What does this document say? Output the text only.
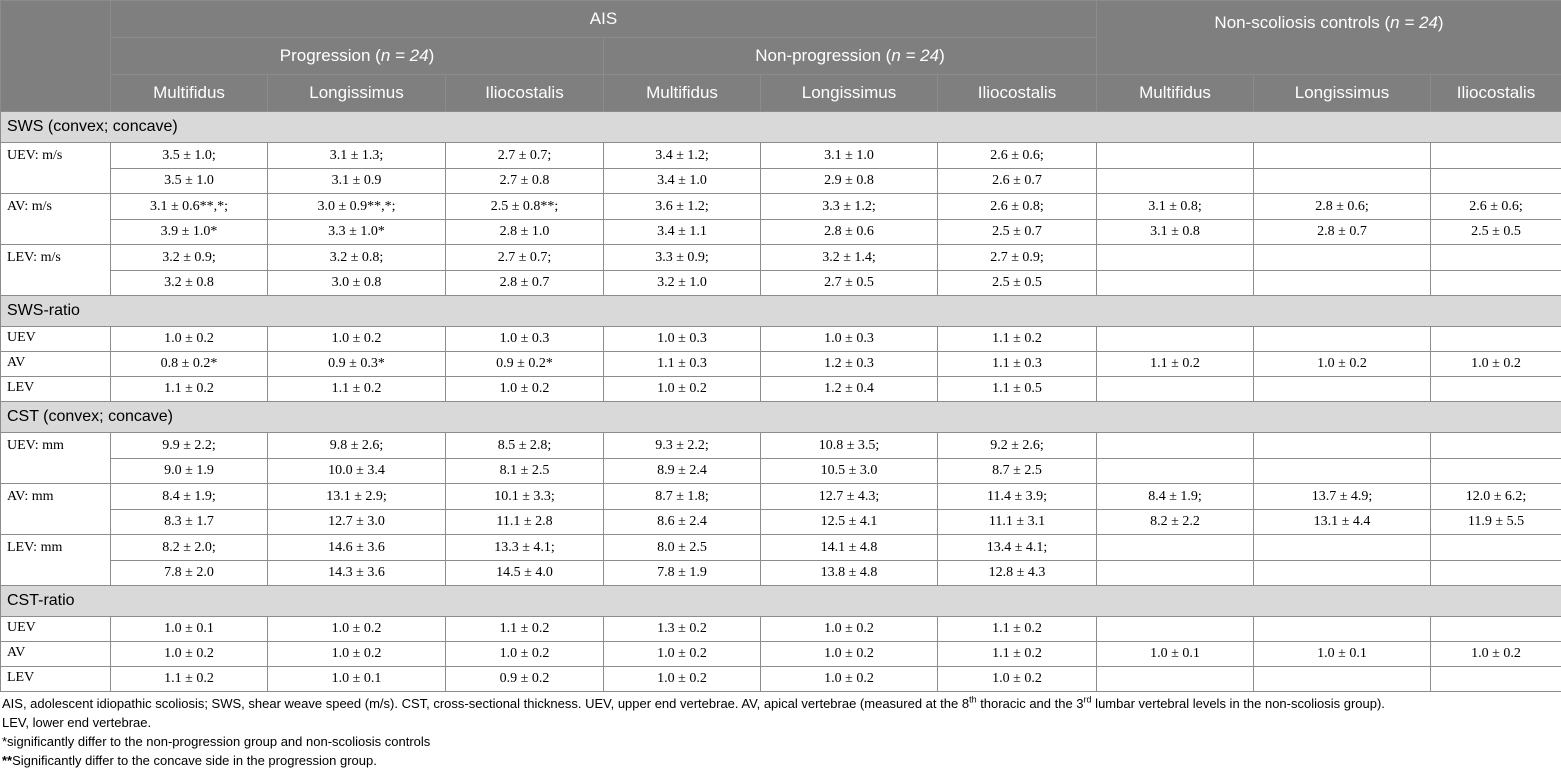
	AIS						Non-scoliosis controls (n = 24)		
	Progression (n = 24)			Non-progression (n = 24)					
	Multifidus	Longissimus	Iliocostalis	Multifidus	Longissimus	Iliocostalis	Multifidus	Longissimus	Iliocostalis
SWS (convex; concave)									
UEV: m/s	3.5 ± 1.0;	3.1 ± 1.3;	2.7 ± 0.7;	3.4 ± 1.2;	3.1 ± 1.0	2.6 ± 0.6;			
	3.5 ± 1.0	3.1 ± 0.9	2.7 ± 0.8	3.4 ± 1.0	2.9 ± 0.8	2.6 ± 0.7			
AV: m/s	3.1 ± 0.6**,*;	3.0 ± 0.9**,*;	2.5 ± 0.8**;	3.6 ± 1.2;	3.3 ± 1.2;	2.6 ± 0.8;	3.1 ± 0.8;	2.8 ± 0.6;	2.6 ± 0.6;
	3.9 ± 1.0*	3.3 ± 1.0*	2.8 ± 1.0	3.4 ± 1.1	2.8 ± 0.6	2.5 ± 0.7	3.1 ± 0.8	2.8 ± 0.7	2.5 ± 0.5
LEV: m/s	3.2 ± 0.9;	3.2 ± 0.8;	2.7 ± 0.7;	3.3 ± 0.9;	3.2 ± 1.4;	2.7 ± 0.9;			
	3.2 ± 0.8	3.0 ± 0.8	2.8 ± 0.7	3.2 ± 1.0	2.7 ± 0.5	2.5 ± 0.5			
SWS-ratio									
UEV	1.0 ± 0.2	1.0 ± 0.2	1.0 ± 0.3	1.0 ± 0.3	1.0 ± 0.3	1.1 ± 0.2			
AV	0.8 ± 0.2*	0.9 ± 0.3*	0.9 ± 0.2*	1.1 ± 0.3	1.2 ± 0.3	1.1 ± 0.3	1.1 ± 0.2	1.0 ± 0.2	1.0 ± 0.2
LEV	1.1 ± 0.2	1.1 ± 0.2	1.0 ± 0.2	1.0 ± 0.2	1.2 ± 0.4	1.1 ± 0.5			
CST (convex; concave)									
UEV: mm	9.9 ± 2.2;	9.8 ± 2.6;	8.5 ± 2.8;	9.3 ± 2.2;	10.8 ± 3.5;	9.2 ± 2.6;			
	9.0 ± 1.9	10.0 ± 3.4	8.1 ± 2.5	8.9 ± 2.4	10.5 ± 3.0	8.7 ± 2.5			
AV: mm	8.4 ± 1.9;	13.1 ± 2.9;	10.1 ± 3.3;	8.7 ± 1.8;	12.7 ± 4.3;	11.4 ± 3.9;	8.4 ± 1.9;	13.7 ± 4.9;	12.0 ± 6.2;
	8.3 ± 1.7	12.7 ± 3.0	11.1 ± 2.8	8.6 ± 2.4	12.5 ± 4.1	11.1 ± 3.1	8.2 ± 2.2	13.1 ± 4.4	11.9 ± 5.5
LEV: mm	8.2 ± 2.0;	14.6 ± 3.6	13.3 ± 4.1;	8.0 ± 2.5	14.1 ± 4.8	13.4 ± 4.1;			
	7.8 ± 2.0	14.3 ± 3.6	14.5 ± 4.0	7.8 ± 1.9	13.8 ± 4.8	12.8 ± 4.3			
CST-ratio									
UEV	1.0 ± 0.1	1.0 ± 0.2	1.1 ± 0.2	1.3 ± 0.2	1.0 ± 0.2	1.1 ± 0.2			
AV	1.0 ± 0.2	1.0 ± 0.2	1.0 ± 0.2	1.0 ± 0.2	1.0 ± 0.2	1.1 ± 0.2	1.0 ± 0.1	1.0 ± 0.1	1.0 ± 0.2
LEV	1.1 ± 0.2	1.0 ± 0.1	0.9 ± 0.2	1.0 ± 0.2	1.0 ± 0.2	1.0 ± 0.2			

AIS, adolescent idiopathic scoliosis; SWS, shear weave speed (m/s). CST, cross-sectional thickness. UEV, upper end vertebrae. AV, apical vertebrae (measured at the 8th thoracic and the 3rd lumbar vertebral levels in the non-scoliosis group).

LEV, lower end vertebrae.

*significantly differ to the non-progression group and non-scoliosis controls

**Significantly differ to the concave side in the progression group.
